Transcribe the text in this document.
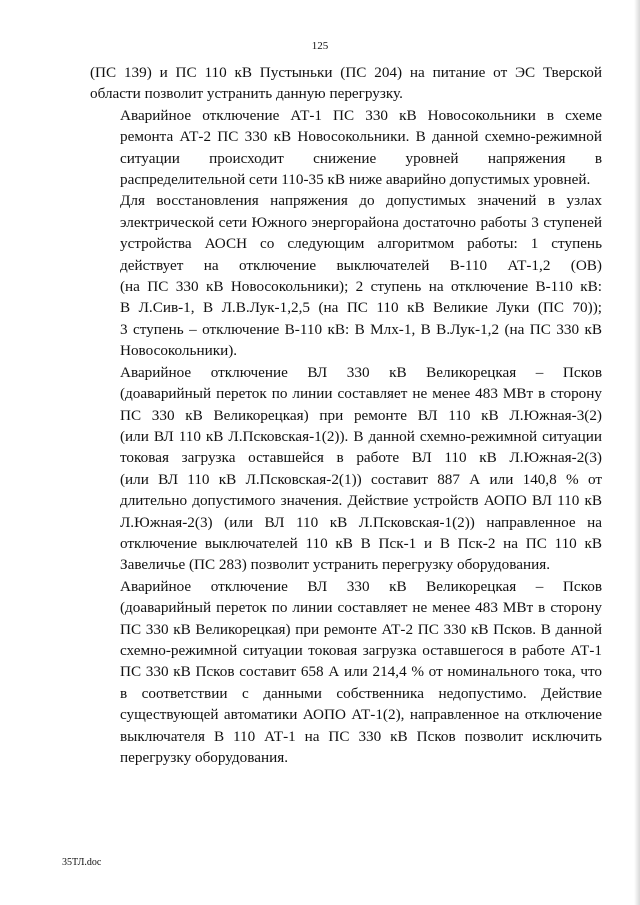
125
(ПС 139) и ПС 110 кВ Пустыньки (ПС 204) на питание от ЭС Тверской
области позволит устранить данную перегрузку.
Аварийное отключение АТ-1 ПС 330 кВ Новосокольники в схеме
ремонта АТ-2 ПС 330 кВ Новосокольники. В данной схемно-режимной
ситуации происходит снижение уровней напряжения в
распределительной сети 110-35 кВ ниже аварийно допустимых уровней.
Для восстановления напряжения до допустимых значений в узлах
электрической сети Южного энергорайона достаточно работы 3 ступеней
устройства АОСН со следующим алгоритмом работы: 1 ступень
действует на отключение выключателей В-110 АТ-1,2 (ОВ)
(на ПС 330 кВ Новосокольники); 2 ступень на отключение В-110 кВ:
В Л.Сив-1, В Л.В.Лук-1,2,5 (на ПС 110 кВ Великие Луки (ПС 70));
3 ступень – отключение В-110 кВ: В Млх-1, В В.Лук-1,2 (на ПС 330 кВ
Новосокольники).
Аварийное отключение ВЛ 330 кВ Великорецкая – Псков
(доаварийный переток по линии составляет не менее 483 МВт в сторону
ПС 330 кВ Великорецкая) при ремонте ВЛ 110 кВ Л.Южная-3(2)
(или ВЛ 110 кВ Л.Псковская-1(2)). В данной схемно-режимной ситуации
токовая загрузка оставшейся в работе ВЛ 110 кВ Л.Южная-2(3)
(или ВЛ 110 кВ Л.Псковская-2(1)) составит 887 А или 140,8 % от
длительно допустимого значения. Действие устройств АОПО ВЛ 110 кВ
Л.Южная-2(3) (или ВЛ 110 кВ Л.Псковская-1(2)) направленное на
отключение выключателей 110 кВ В Пск-1 и В Пск-2 на ПС 110 кВ
Завеличье (ПС 283) позволит устранить перегрузку оборудования.
Аварийное отключение ВЛ 330 кВ Великорецкая – Псков
(доаварийный переток по линии составляет не менее 483 МВт в сторону
ПС 330 кВ Великорецкая) при ремонте АТ-2 ПС 330 кВ Псков. В данной
схемно-режимной ситуации токовая загрузка оставшегося в работе АТ-1
ПС 330 кВ Псков составит 658 А или 214,4 % от номинального тока, что
в соответствии с данными собственника недопустимо. Действие
существующей автоматики АОПО АТ-1(2), направленное на отключение
выключателя В 110 АТ-1 на ПС 330 кВ Псков позволит исключить
перегрузку оборудования.
35ТЛ.doc
